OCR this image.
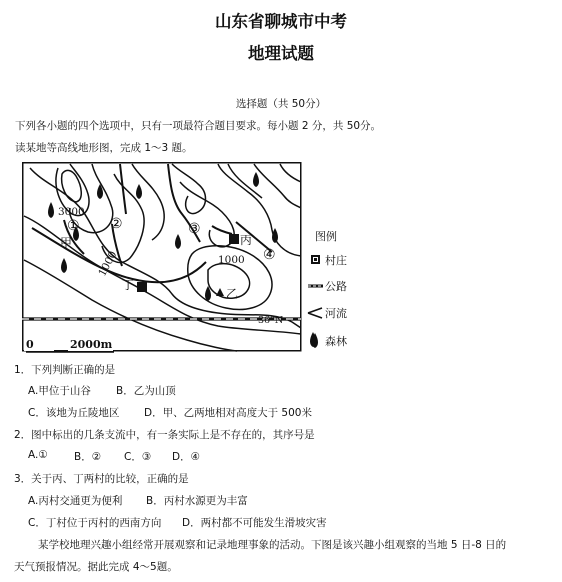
山东省聊城市中考
地理试题
选择题（共 50分）
下列各小题的四个选项中，只有一项最符合题目要求。每小题 2 分，共 50分。
读某地等高线地形图，完成 1～3 题。
0	2000m
3000
1000	1000
36°N
① ②	③
④
甲
乙
丙
丁
图例
村庄
公路
河流
森林
1．下列判断正确的是
A.甲位于山谷 B．乙为山顶
C．该地为丘陵地区 D．甲、乙两地相对高度大于 500米
2．图中标出的几条支流中，有一条实际上是不存在的，其序号是
A.①	B．② C．③ D．④
3．关于丙、丁两村的比较，正确的是
A.丙村交通更为便利 B．丙村水源更为丰富
C．丁村位于丙村的西南方向 D．两村都不可能发生滑坡灾害
某学校地理兴趣小组经常开展观察和记录地理事象的活动。下图是该兴趣小组观察的当地 5 日-8 日的
天气预报情况。据此完成 4～5题。
